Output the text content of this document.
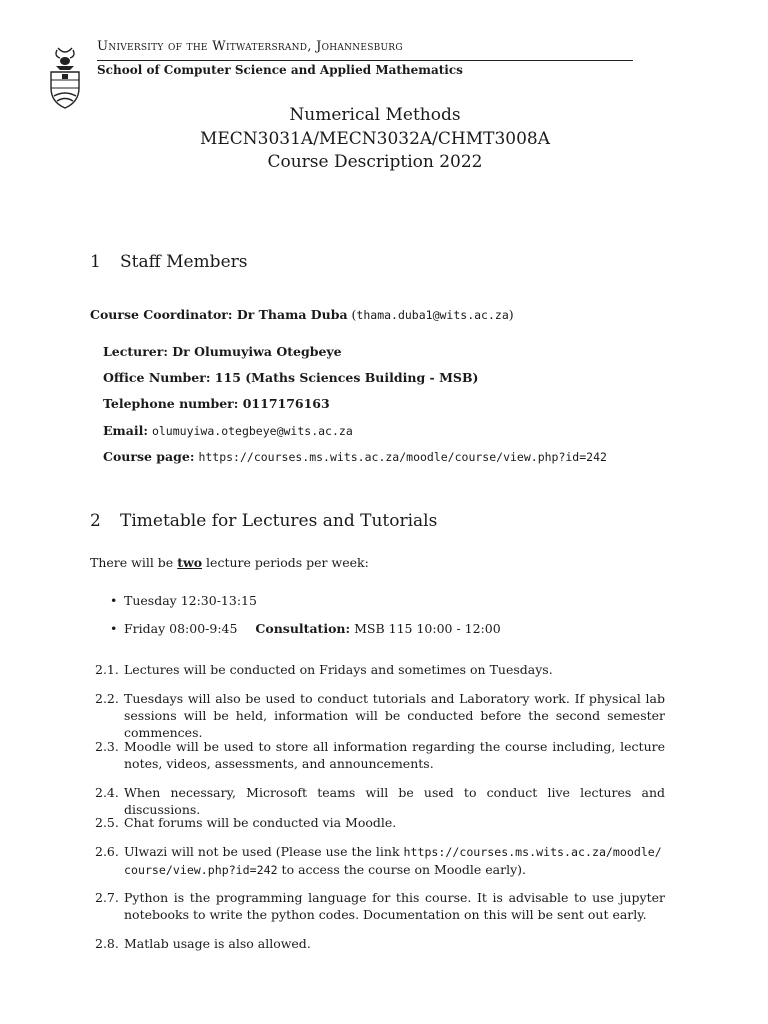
University of the Witwatersrand, Johannesburg
School of Computer Science and Applied Mathematics
Numerical Methods
MECN3031A/MECN3032A/CHMT3008A
Course Description 2022
1 Staff Members
Course Coordinator: Dr Thama Duba (thama.duba1@wits.ac.za)
Lecturer: Dr Olumuyiwa Otegbeye
Office Number: 115 (Maths Sciences Building - MSB)
Telephone number: 0117176163
Email: olumuyiwa.otegbeye@wits.ac.za
Course page: https://courses.ms.wits.ac.za/moodle/course/view.php?id=242
2 Timetable for Lectures and Tutorials
There will be two lecture periods per week:
• Tuesday 12:30-13:15
• Friday 08:00-9:45 Consultation: MSB 115 10:00 - 12:00
2.1. Lectures will be conducted on Fridays and sometimes on Tuesdays.
2.2. Tuesdays will also be used to conduct tutorials and Laboratory work. If physical lab sessions will be held, information will be conducted before the second semester commences.
2.3. Moodle will be used to store all information regarding the course including, lecture notes, videos, assessments, and announcements.
2.4. When necessary, Microsoft teams will be used to conduct live lectures and discussions.
2.5. Chat forums will be conducted via Moodle.
2.6. Ulwazi will not be used (Please use the link https://courses.ms.wits.ac.za/moodle/
course/view.php?id=242 to access the course on Moodle early).
2.7. Python is the programming language for this course. It is advisable to use jupyter notebooks to write the python codes. Documentation on this will be sent out early.
2.8. Matlab usage is also allowed.
